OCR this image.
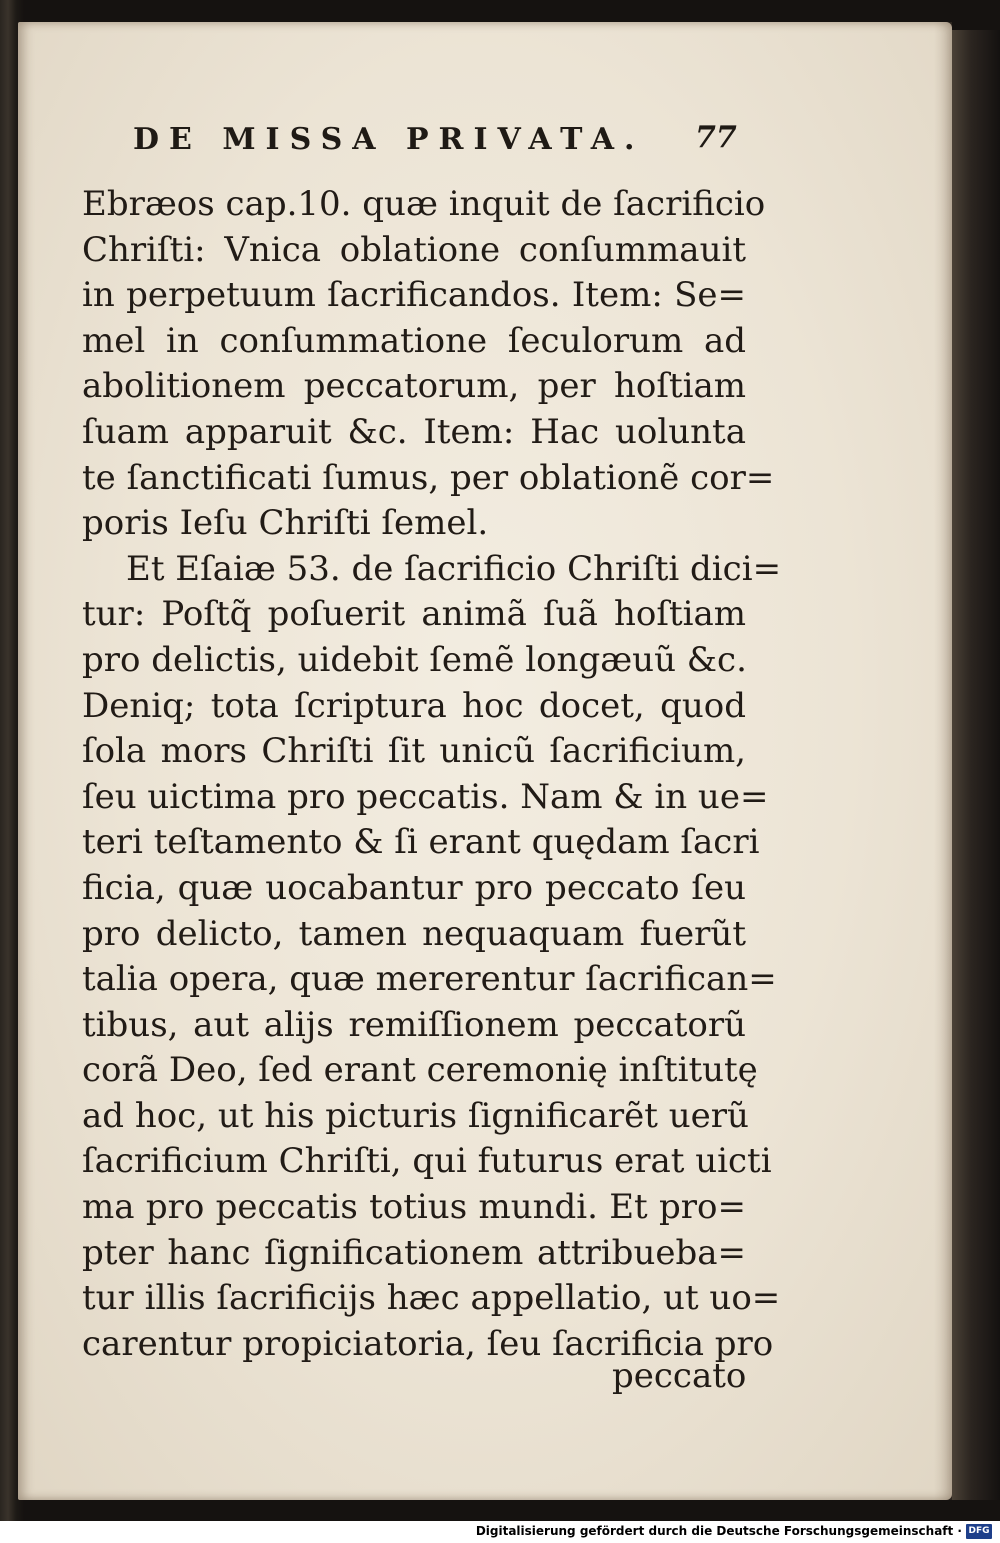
DE MISSA PRIVATA. 77
Ebræos cap.10. quæ inquit de ſacrificio
Chriſti: Vnica oblatione conſummauit
in perpetuum ſacrificandos. Item: Se=
mel in conſummatione ſeculorum ad
abolitionem peccatorum, per hoſtiam
ſuam apparuit &c. Item: Hac uolunta
te ſanctificati ſumus, per oblationẽ cor=
poris Ieſu Chriſti ſemel.
Et Eſaiæ 53. de ſacrificio Chriſti dici=
tur: Poſtq̃ poſuerit animã ſuã hoſtiam
pro delictis, uidebit ſemẽ longæuũ &c.
Deniq; tota ſcriptura hoc docet, quod
ſola mors Chriſti ſit unicũ ſacrificium,
ſeu uictima pro peccatis. Nam & in ue=
teri teſtamento & ſi erant quędam ſacri
ficia, quæ uocabantur pro peccato ſeu
pro delicto, tamen nequaquam fuerũt
talia opera, quæ mererentur ſacrifican=
tibus, aut alijs remiſſionem peccatorũ
corã Deo, ſed erant ceremonię inſtitutę
ad hoc, ut his picturis ſignificarẽt uerũ
ſacrificium Chriſti, qui futurus erat uicti
ma pro peccatis totius mundi. Et pro=
pter hanc ſignificationem attribueba=
tur illis ſacrificijs hæc appellatio, ut uo=
carentur propiciatoria, ſeu ſacrificia pro
peccato
Digitalisierung gefördert durch die Deutsche Forschungsgemeinschaft · DFG
